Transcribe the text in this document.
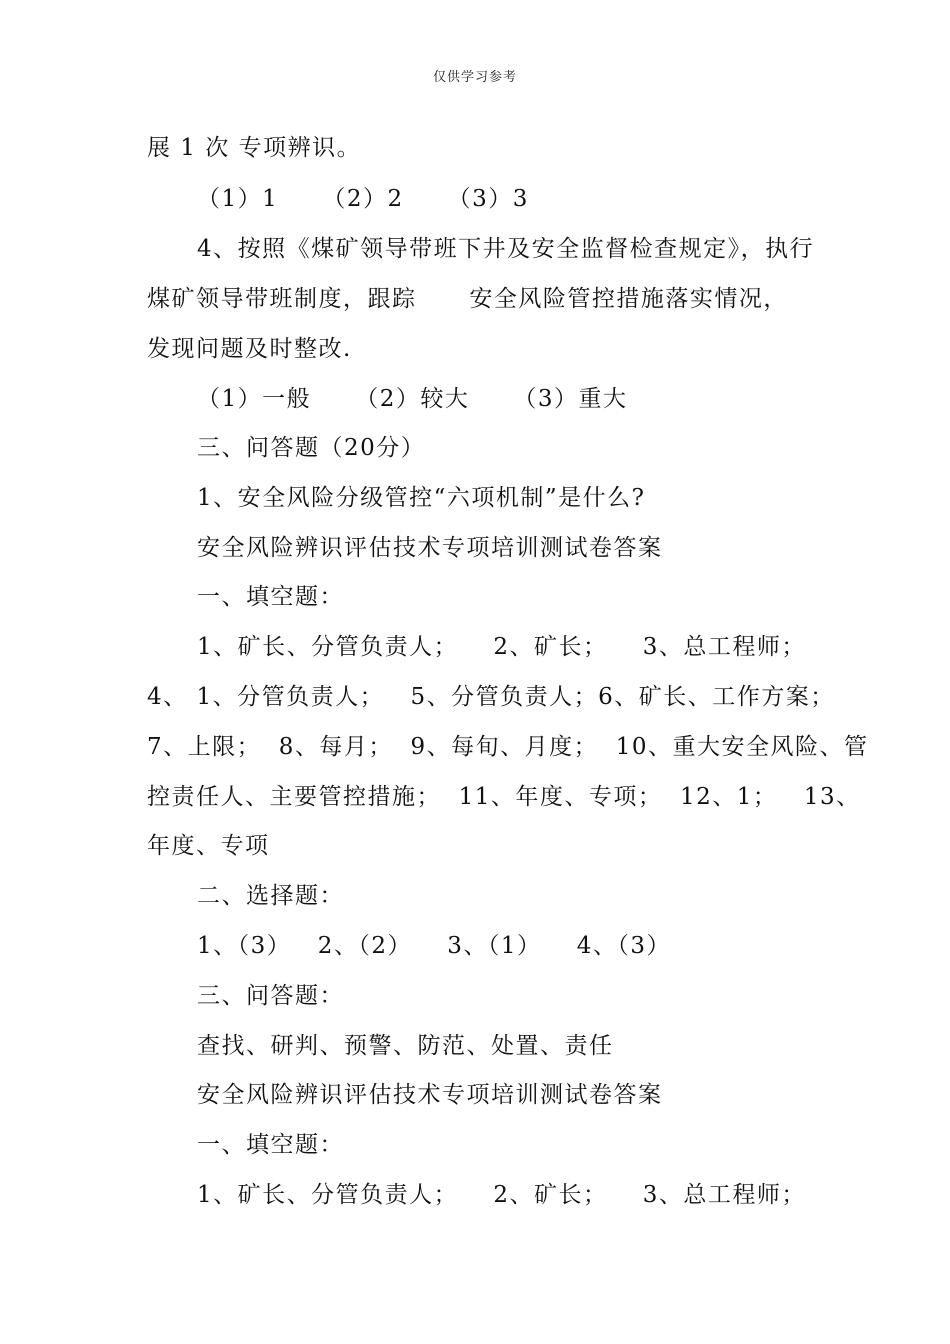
仅供学习参考
展 1 次 专项辨识。
（1）1     （2）2     （3）3
4、按照《煤矿领导带班下井及安全监督检查规定》，执行
煤矿领导带班制度，跟踪      安全风险管控措施落实情况，
发现问题及时整改.
（1）一般     （2）较大     （3）重大
三、问答题（20分）
1、安全风险分级管控“六项机制”是什么?
安全风险辨识评估技术专项培训测试卷答案
一、填空题：
1、矿长、分管负责人；    2、矿长；    3、总工程师；
4、 1、分管负责人；   5、分管负责人；6、矿长、工作方案；
7、上限；  8、每月；  9、每旬、月度；  10、重大安全风险、管
控责任人、主要管控措施；  11、年度、专项；  12、1；   13、
年度、专项
二、选择题：
1、（3）   2、（2）    3、（1）    4、（3）
三、问答题：
查找、研判、预警、防范、处置、责任
安全风险辨识评估技术专项培训测试卷答案
一、填空题：
1、矿长、分管负责人；    2、矿长；    3、总工程师；
